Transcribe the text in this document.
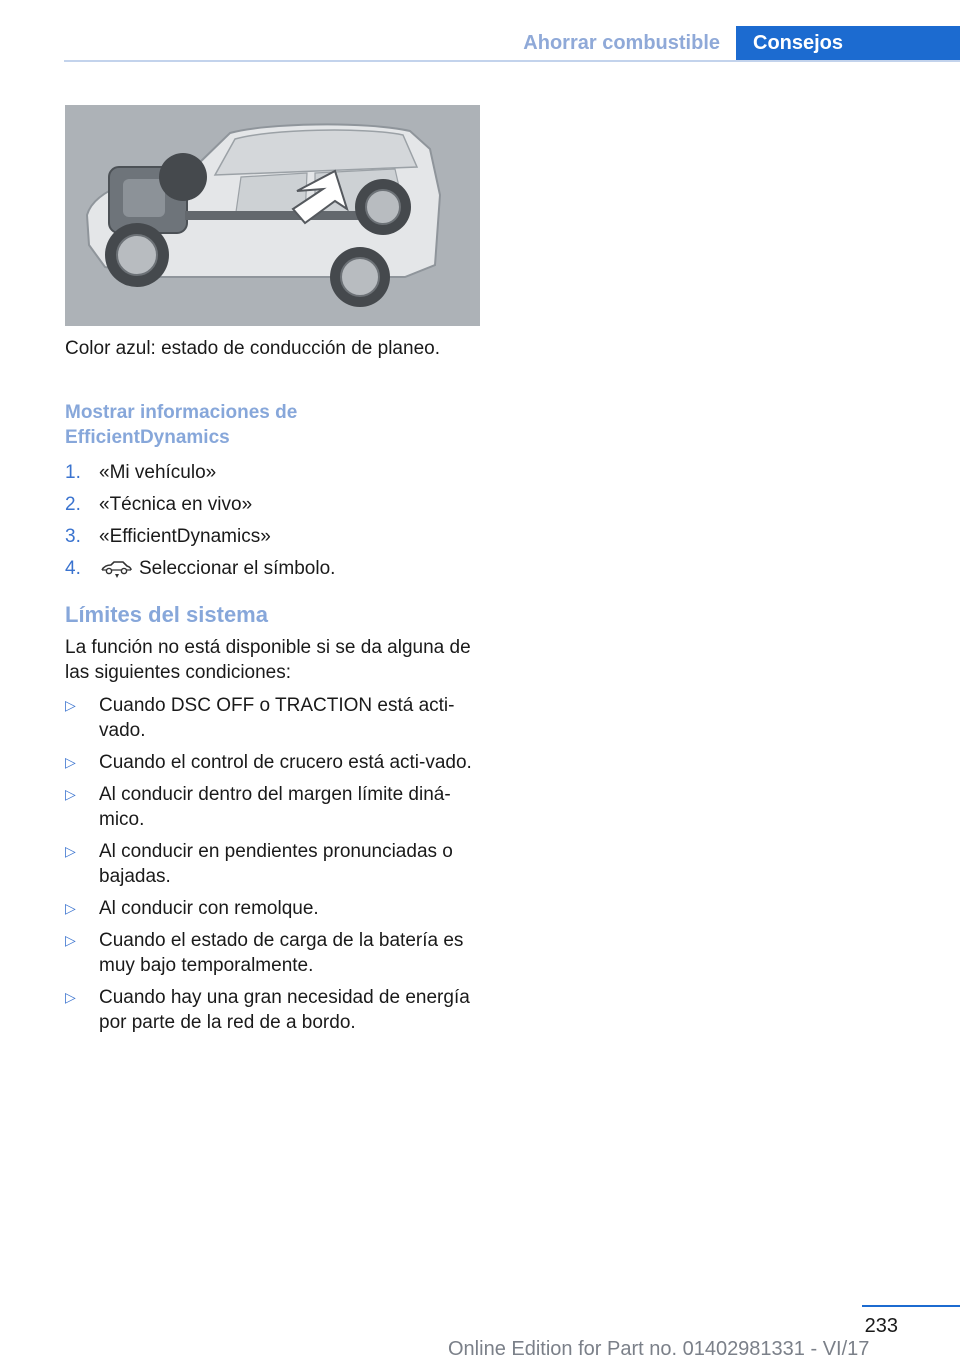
Ahorrar combustible	Consejos
Color azul: estado de conducción de planeo.
Mostrar informaciones de EfficientDynamics
1. «Mi vehículo»
2. «Técnica en vivo»
3. «EfficientDynamics»
4.	Seleccionar el símbolo.
Límites del sistema
La función no está disponible si se da alguna de las siguientes condiciones:
▷	Cuando DSC OFF o TRACTION está acti‐vado.
▷	Cuando el control de crucero está acti‐vado.
▷	Al conducir dentro del margen límite diná‐mico.
▷	Al conducir en pendientes pronunciadas o bajadas.
▷	Al conducir con remolque.
▷	Cuando el estado de carga de la batería es muy bajo temporalmente.
▷	Cuando hay una gran necesidad de energía por parte de la red de a bordo.
233
Online Edition for Part no. 01402981331 - VI/17
